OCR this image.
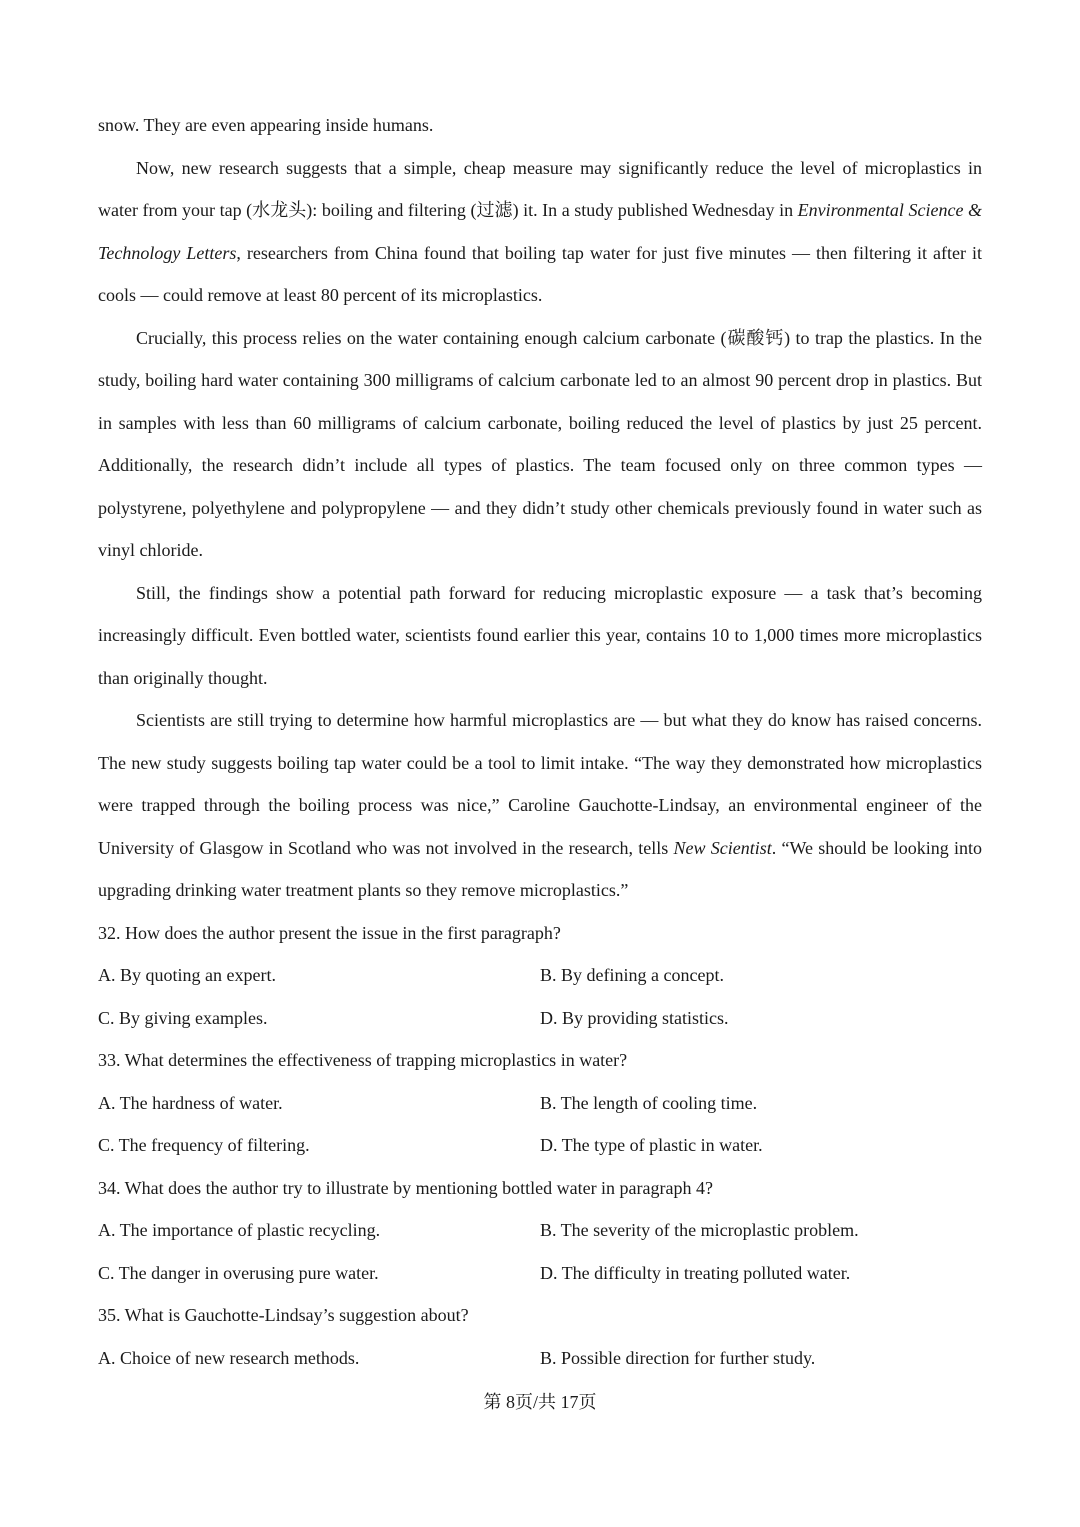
snow. They are even appearing inside humans.

Now, new research suggests that a simple, cheap measure may significantly reduce the level of microplastics in water from your tap (水龙头): boiling and filtering (过滤) it. In a study published Wednesday in Environmental Science & Technology Letters, researchers from China found that boiling tap water for just five minutes — then filtering it after it cools — could remove at least 80 percent of its microplastics.

Crucially, this process relies on the water containing enough calcium carbonate (碳酸钙) to trap the plastics. In the study, boiling hard water containing 300 milligrams of calcium carbonate led to an almost 90 percent drop in plastics. But in samples with less than 60 milligrams of calcium carbonate, boiling reduced the level of plastics by just 25 percent. Additionally, the research didn’t include all types of plastics. The team focused only on three common types — polystyrene, polyethylene and polypropylene — and they didn’t study other chemicals previously found in water such as vinyl chloride.

Still, the findings show a potential path forward for reducing microplastic exposure — a task that’s becoming increasingly difficult. Even bottled water, scientists found earlier this year, contains 10 to 1,000 times more microplastics than originally thought.

Scientists are still trying to determine how harmful microplastics are — but what they do know has raised concerns. The new study suggests boiling tap water could be a tool to limit intake. “The way they demonstrated how microplastics were trapped through the boiling process was nice,” Caroline Gauchotte-Lindsay, an environmental engineer of the University of Glasgow in Scotland who was not involved in the research, tells New Scientist. “We should be looking into upgrading drinking water treatment plants so they remove microplastics.”

32. How does the author present the issue in the first paragraph?

A. By quoting an expert.	B. By defining a concept.
C. By giving examples.	D. By providing statistics.

33. What determines the effectiveness of trapping microplastics in water?

A. The hardness of water.	B. The length of cooling time.
C. The frequency of filtering.	D. The type of plastic in water.

34. What does the author try to illustrate by mentioning bottled water in paragraph 4?

A. The importance of plastic recycling.	B. The severity of the microplastic problem.
C. The danger in overusing pure water.	D. The difficulty in treating polluted water.

35. What is Gauchotte-Lindsay’s suggestion about?

A. Choice of new research methods.	B. Possible direction for further study.
第 8页/共 17页
